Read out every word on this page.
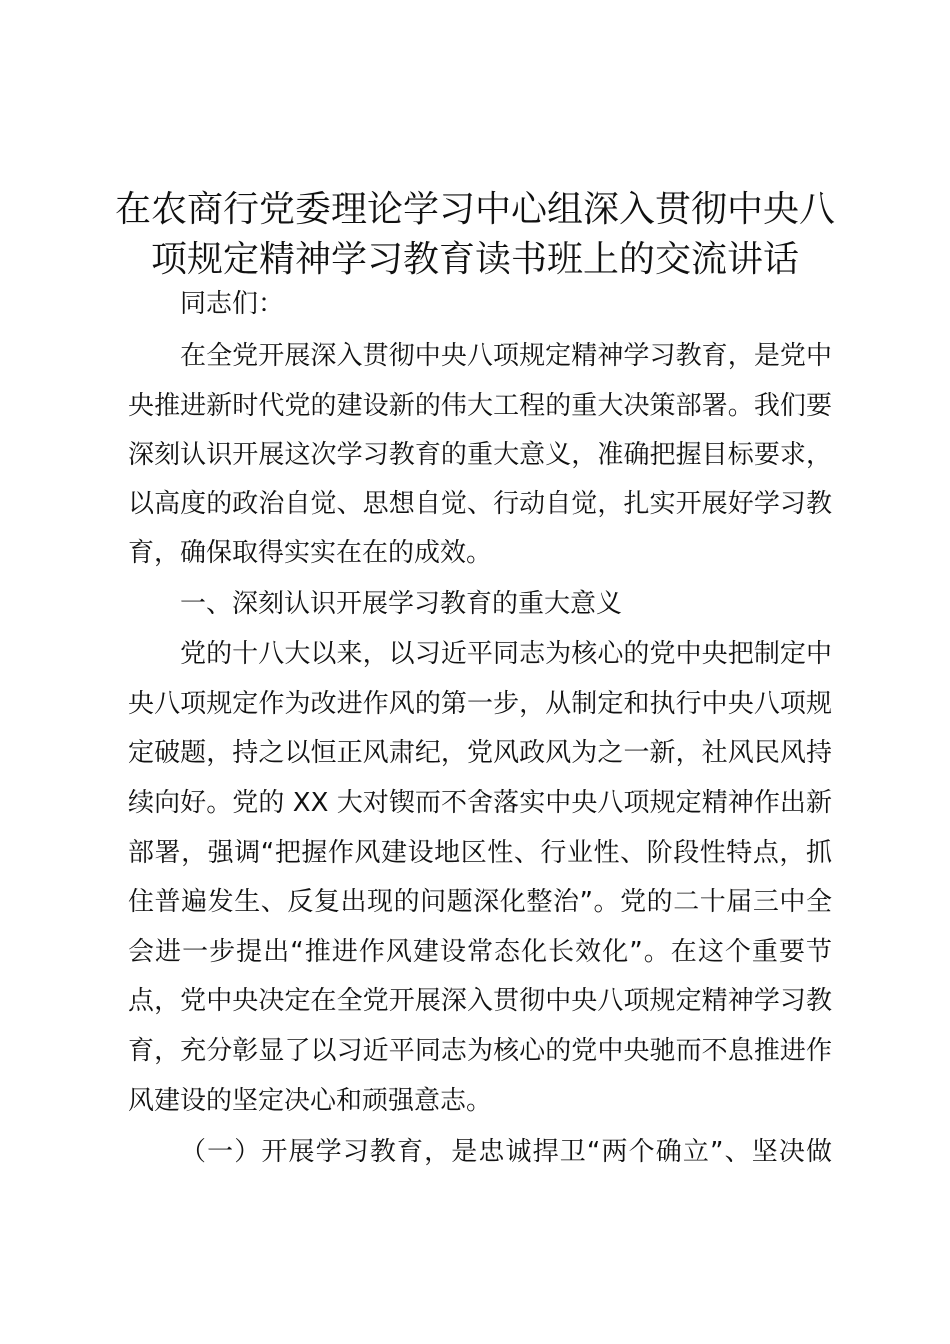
在农商行党委理论学习中心组深入贯彻中央八
项规定精神学习教育读书班上的交流讲话
同志们：
在全党开展深入贯彻中央八项规定精神学习教育，是党中
央推进新时代党的建设新的伟大工程的重大决策部署。我们要
深刻认识开展这次学习教育的重大意义，准确把握目标要求，
以高度的政治自觉、思想自觉、行动自觉，扎实开展好学习教
育，确保取得实实在在的成效。
一、深刻认识开展学习教育的重大意义
党的十八大以来，以习近平同志为核心的党中央把制定中
央八项规定作为改进作风的第一步，从制定和执行中央八项规
定破题，持之以恒正风肃纪，党风政风为之一新，社风民风持
续向好。党的 XX 大对锲而不舍落实中央八项规定精神作出新
部署，强调“把握作风建设地区性、行业性、阶段性特点，抓
住普遍发生、反复出现的问题深化整治”。党的二十届三中全
会进一步提出“推进作风建设常态化长效化”。在这个重要节
点，党中央决定在全党开展深入贯彻中央八项规定精神学习教
育，充分彰显了以习近平同志为核心的党中央驰而不息推进作
风建设的坚定决心和顽强意志。
（一）开展学习教育，是忠诚捍卫“两个确立”、坚决做
